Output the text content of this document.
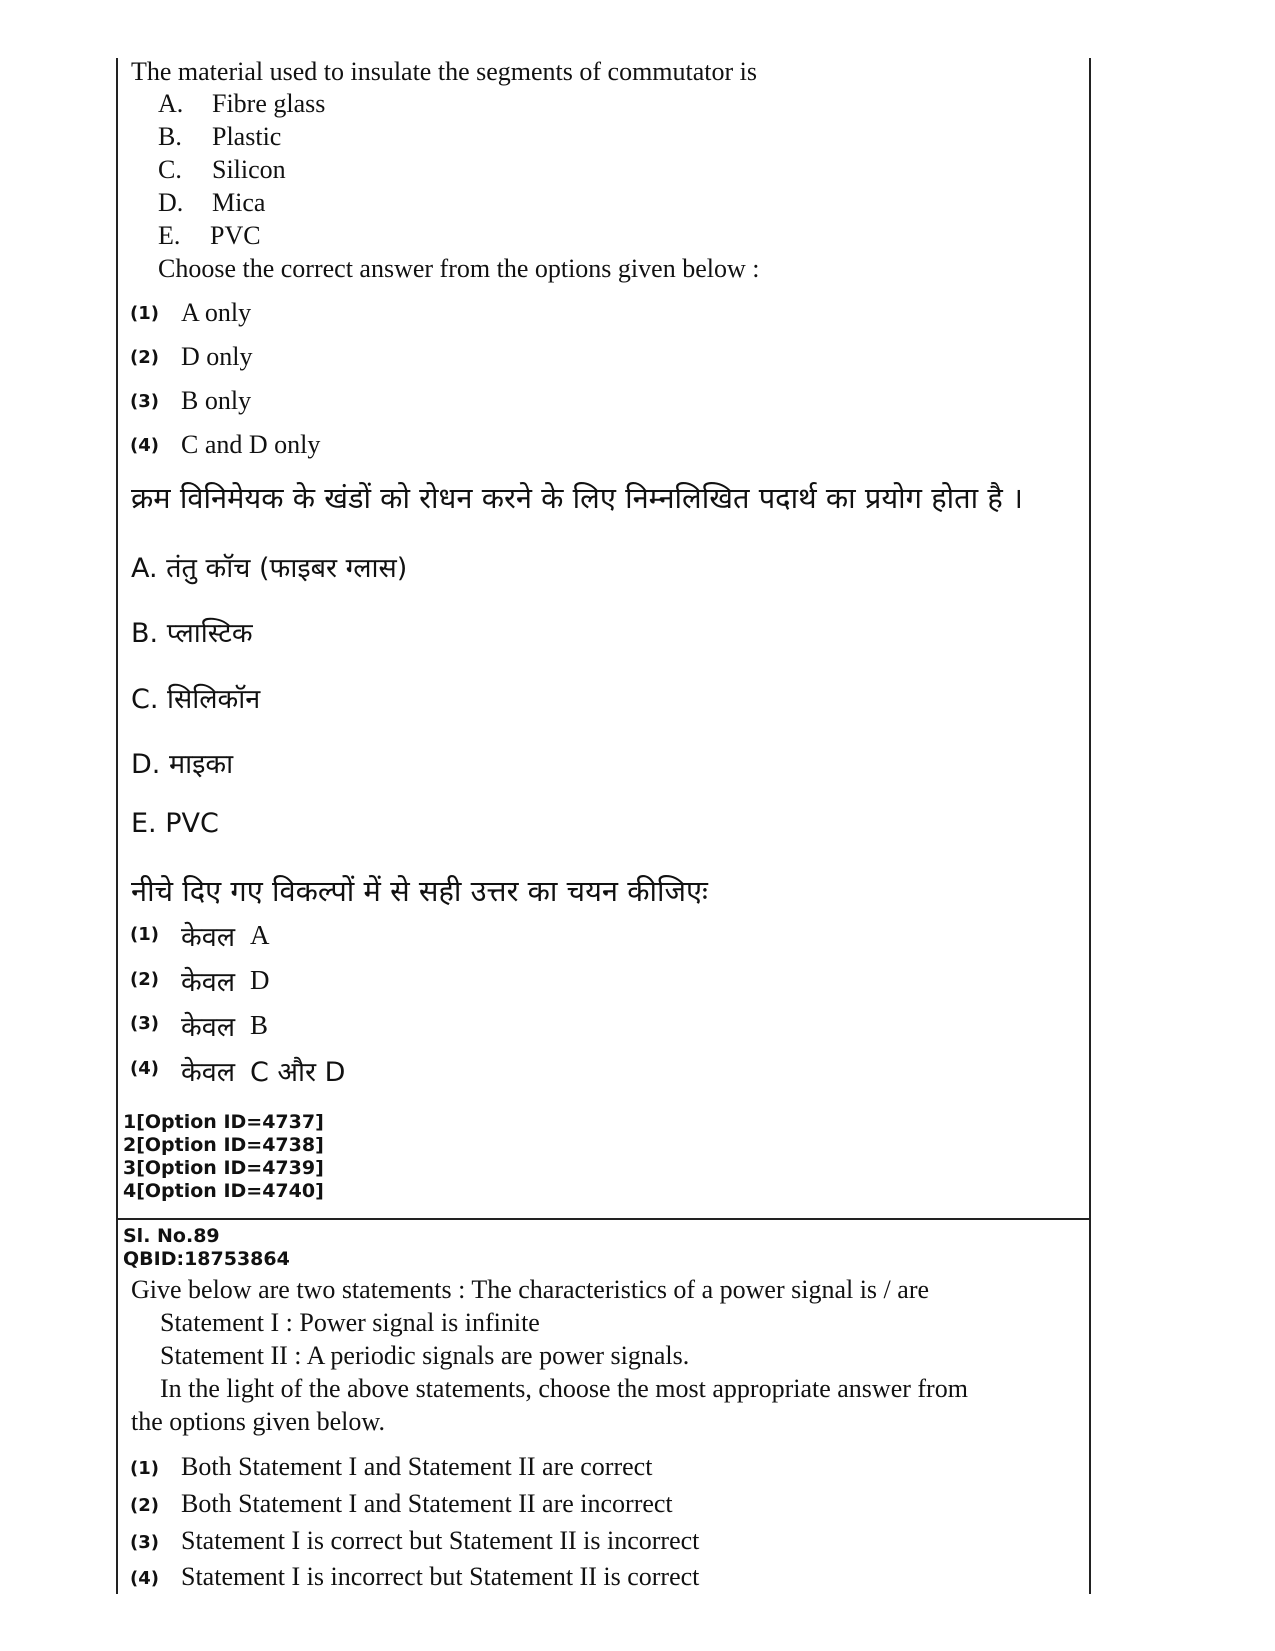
The material used to insulate the segments of commutator is
A. Fibre glass
B. Plastic
C. Silicon
D. Mica
E. PVC
Choose the correct answer from the options given below :
(1) A only
(2) D only
(3) B only
(4) C and D only
क्रम विनिमेयक के खंडों को रोधन करने के लिए निम्नलिखित पदार्थ का प्रयोग होता है ।
A. तंतु कॉच (फाइबर ग्लास)
B. प्लास्टिक
C. सिलिकॉन
D. माइका
E. PVC
नीचे दिए गए विकल्पों में से सही उत्तर का चयन कीजिएः
(1) केवल A
(2) केवल D
(3) केवल B
(4) केवल C और D
1[Option ID=4737]
2[Option ID=4738]
3[Option ID=4739]
4[Option ID=4740]
Sl. No.89
QBID:18753864
Give below are two statements : The characteristics of a power signal is / are
Statement I : Power signal is infinite
Statement II : A periodic signals are power signals.
In the light of the above statements, choose the most appropriate answer from
the options given below.
(1) Both Statement I and Statement II are correct
(2) Both Statement I and Statement II are incorrect
(3) Statement I is correct but Statement II is incorrect
(4) Statement I is incorrect but Statement II is correct
